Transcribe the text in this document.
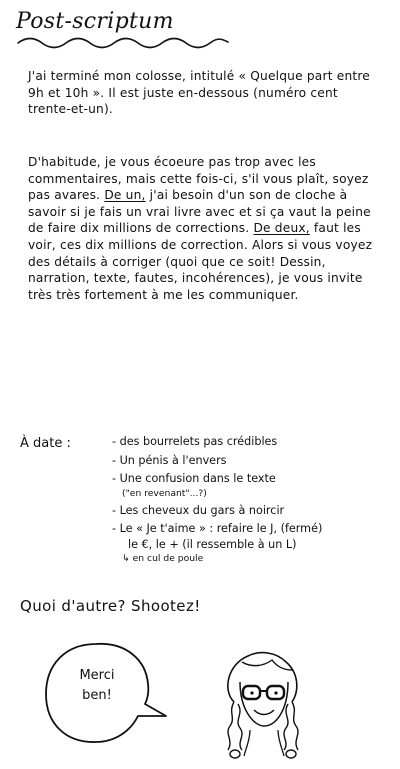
Post-scriptum
J'ai terminé mon colosse, intitulé « Quelque part entre 9h et 10h ». Il est juste en-dessous (numéro cent trente-et-un).
D'habitude, je vous écoeure pas trop avec les commentaires, mais cette fois-ci, s'il vous plaît, soyez pas avares. De un, j'ai besoin d'un son de cloche à savoir si je fais un vrai livre avec et si ça vaut la peine de faire dix millions de corrections. De deux, faut les voir, ces dix millions de correction. Alors si vous voyez des détails à corriger (quoi que ce soit! Dessin, narration, texte, fautes, incohérences), je vous invite très très fortement à me les communiquer.
À date :	- des bourrelets pas crédibles
- Un pénis à l'envers
- Une confusion dans le texte
("en revenant"...?)
- Les cheveux du gars à noircir
- Le « Je t'aime » : refaire le J, (fermé)
le €, le + (il ressemble à un L)
↳ en cul de poule
Quoi d'autre? Shootez!
Merci
ben!
